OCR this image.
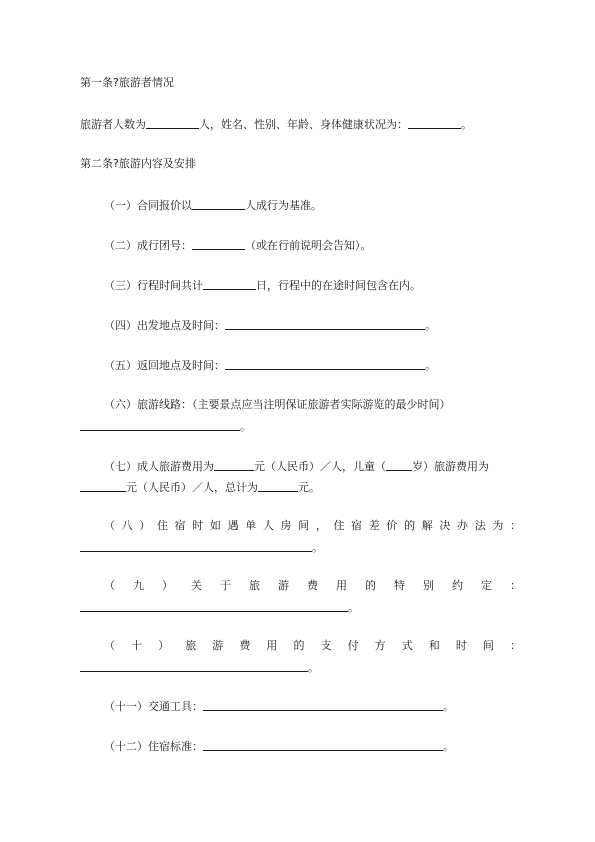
第一条?旅游者情况
旅游者人数为	人，姓名、性别、年龄、身体健康状况为：	。
第二条?旅游内容及安排
（一）合同报价以	人成行为基准。
（二）成行团号：	（或在行前说明会告知）。
（三）行程时间共计	日，行程中的在途时间包含在内。
（四）出发地点及时间：	。
（五）返回地点及时间：	。
（六）旅游线路：（主要景点应当注明保证旅游者实际游览的最少时间）
。
（七）成人旅游费用为	元（人民币）／人，儿童（ 岁）旅游费用为
元（人民币）／人，总计为	元。
（八）住宿时如遇单人房间，住宿差价的解决办法为：
。
（九）关于旅游费用的特别约定：
。
（十）旅游费用的支付方式和时间：
。
（十一）交通工具：	。
（十二）住宿标准：	。
